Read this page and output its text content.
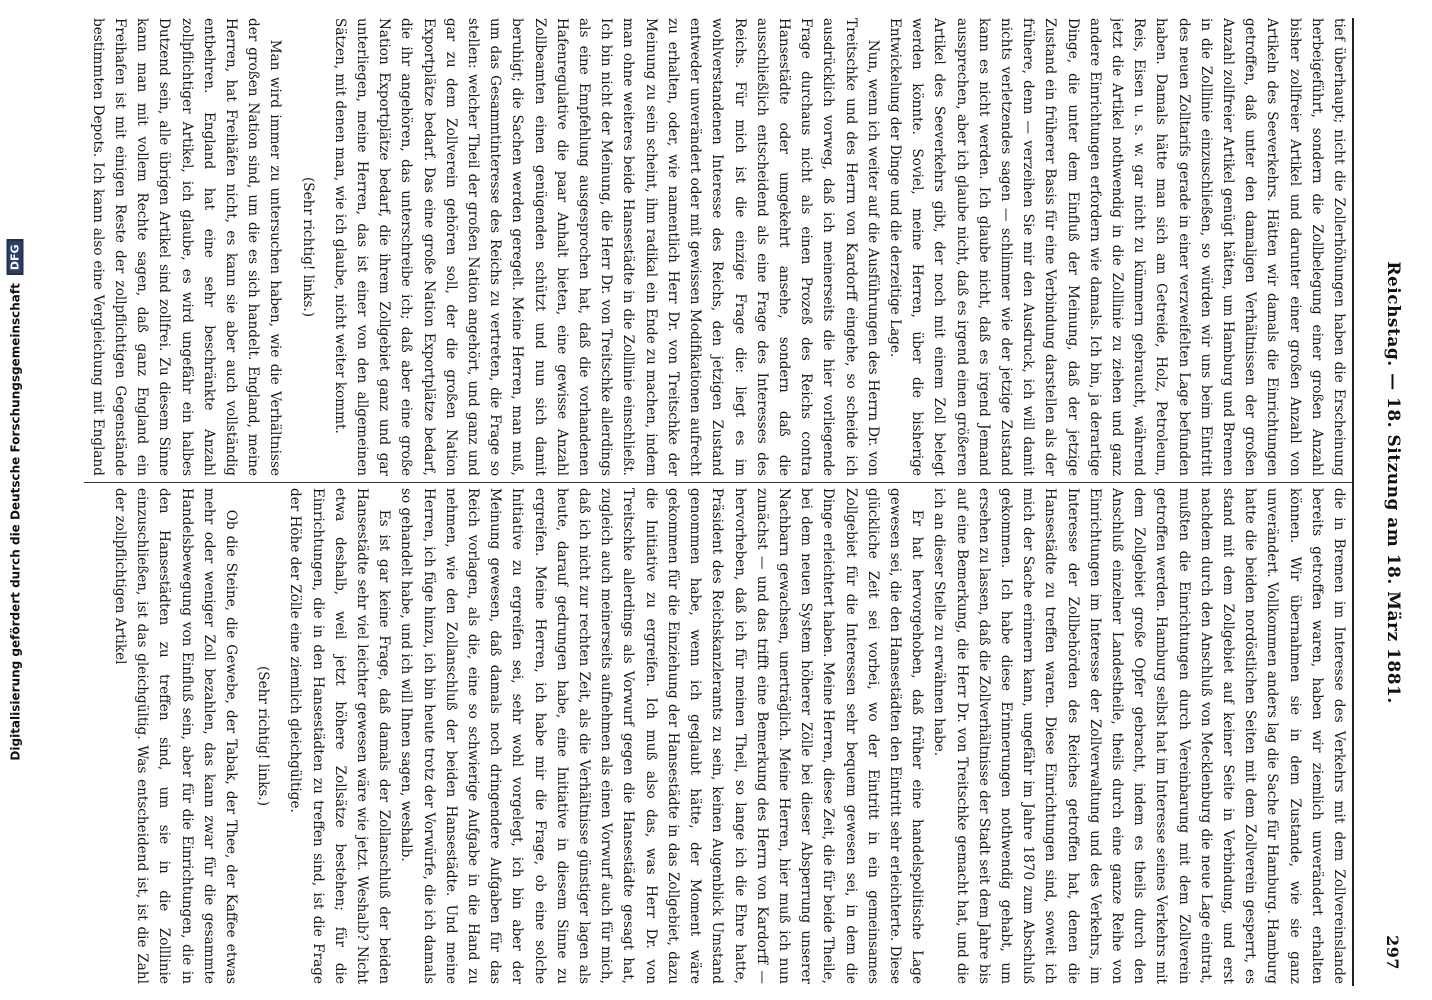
Digitalisierung gefördert durch die Deutsche Forschungsgemeinschaft
DFG

die in Bremen im Interesse des Verkehrs mit dem Zollvereinslande bereits getroffen waren, haben wir ziemlich unverändert erhalten können. Wir übernahmen sie in dem Zustande, wie sie ganz unverändert. Vollkommen anders lag die Sache für Hamburg. Hamburg hatte die beiden nordöstlichen Seiten mit dem Zollverein gesperrt, es stand mit dem Zollgebiet auf keiner Seite in Verbindung, und erst nachdem durch den Anschluß von Mecklenburg die neue Lage eintrat, mußten die Einrichtungen durch Vereinbarung mit dem Zollverein getroffen werden. Hamburg selbst hat im Interesse seines Verkehrs mit dem Zollgebiet große Opfer gebracht, indem es theils durch den Anschluß einzelner Landestheile, theils durch eine ganze Reihe von Einrichtungen im Interesse der Zollverwaltung und des Verkehrs, im Interesse der Zollbehörden des Reiches getroffen hat, denen die Hansestädte zu treffen waren. Diese Einrichtungen sind, soweit ich mich der Sache erinnern kann, ungefähr im Jahre 1870 zum Abschluß gekommen. Ich habe diese Erinnerungen nothwendig gehabt, um ersehen zu lassen, daß die Zollverhältnisse der Stadt seit dem Jahre bis auf eine Bemerkung, die Herr Dr. von Treitschke gemacht hat, und die ich an dieser Stelle zu erwähnen habe.

Er hat hervorgehoben, daß früher eine handelspolitische Lage gewesen sei, die den Hansestädten den Eintritt sehr erleichterte. Diese glückliche Zeit sei vorbei, wo der Eintritt in ein gemeinsames Zollgebiet für die Interessen sehr bequem gewesen sei, in dem die Dinge erleichtert haben. Meine Herren, diese Zeit, die für beide Theile, bei dem neuen System höherer Zölle bei dieser Absperrung unserer Nachbarn gewachsen, unerträglich. Meine Herren, hier muß ich nun zunächst — und das trifft eine Bemerkung des Herrn von Kardorff — hervorheben, daß ich für meinen Theil, so lange ich die Ehre hatte, Präsident des Reichskanzleramts zu sein, keinen Augenblick Umstand genommen habe, wenn ich geglaubt hätte, der Moment wäre gekommen für die Einziehung der Hansestädte in das Zollgebiet, dazu die Initiative zu ergreifen. Ich muß also das, was Herr Dr. von Treitschke allerdings als Vorwurf gegen die Hansestädte gesagt hat, zugleich auch meinerseits aufnehmen als einen Vorwurf auch für mich, daß ich nicht zur rechten Zeit, als die Verhältnisse günstiger lagen als heute, darauf gedrungen habe, eine Initiative in diesem Sinne zu ergreifen. Meine Herren, ich habe mir die Frage, ob eine solche Initiative zu ergreifen sei, sehr wohl vorgelegt, ich bin aber der Meinung gewesen, daß damals noch dringendere Aufgaben für das Reich vorlagen, als die, eine so schwierige Aufgabe in die Hand zu nehmen, wie den Zollanschluß der beiden Hansestädte. Und meine Herren, ich füge hinzu, ich bin heute trotz der Vorwürfe, die ich damals so gehandelt habe, und ich will Ihnen sagen, weshalb.

Es ist gar keine Frage, daß damals der Zollanschluß der beiden Hansestädte sehr viel leichter gewesen wäre wie jetzt. Weshalb? Nicht etwa deshalb, weil jetzt höhere Zollsätze bestehen; für die Einrichtungen, die in den Hansestädten zu treffen sind, ist die Frage der Höhe der Zölle eine ziemlich gleichgültige.

(Sehr richtig! links.)

Ob die Steine, die Gewebe, der Tabak, der Thee, der Kaffee etwas mehr oder weniger Zoll bezahlen, das kann zwar für die gesammte Handelsbewegung von Einfluß sein, aber für die Einrichtungen, die in den Hansestädten zu treffen sind, um sie in die Zolllinie einzuschließen, ist das gleichgültig. Was entscheidend ist, ist die Zahl der zollpflichtigen Artikel

tief überhaupt; nicht die Zollerhöhungen haben die Erscheinung herbeigeführt, sondern die Zollbelegung einer großen Anzahl bisher zollfreier Artikel und darunter einer großen Anzahl von Artikeln des Seeverkehrs. Hätten wir damals die Einrichtungen getroffen, daß unter den damaligen Verhältnissen der großen Anzahl zollfreier Artikel genügt hätten, um Hamburg und Bremen in die Zolllinie einzuschließen, so würden wir uns beim Eintritt des neuen Zolltarifs gerade in einer verzweifelten Lage befunden haben. Damals hätte man sich am Getreide, Holz, Petroleum, Reis, Eisen u. s. w. gar nicht zu kümmern gebraucht, während jetzt die Artikel nothwendig in die Zolllinie zu ziehen und ganz andere Einrichtungen erfordern wie damals. Ich bin, ja derartige Dinge, die unter dem Einfluß der Meinung, daß der jetzige Zustand ein früherer Basis für eine Verbindung darstellen als der frühere, denn — verzeihen Sie mir den Ausdruck, ich will damit nichts verletzendes sagen — schlimmer wie der jetzige Zustand kann es nicht werden. Ich glaube nicht, daß es irgend Jemand aussprechen, aber ich glaube nicht, daß es irgend einen größeren Artikel des Seeverkehrs gibt, der noch mit einem Zoll belegt werden könnte. Soviel, meine Herren, über die bisherige Entwickelung der Dinge und die derzeitige Lage.

Nun, wenn ich weiter auf die Ausführungen des Herrn Dr. von Treitschke und des Herrn von Kardorff eingehe, so scheide ich ausdrücklich vorweg, daß ich meinerseits die hier vorliegende Frage durchaus nicht als einen Prozeß des Reichs contra Hansestädte oder umgekehrt ansehe, sondern daß die ausschließlich entscheidend als eine Frage des Interesses des Reichs. Für mich ist die einzige Frage die: liegt es im wohlverstandenen Interesse des Reichs, den jetzigen Zustand entweder unverändert oder mit gewissen Modifikationen aufrecht zu erhalten, oder, wie namentlich Herr Dr. von Treitschke der Meinung zu sein scheint, ihm radikal ein Ende zu machen, indem man ohne weiteres beide Hansestädte in die Zolllinie einschließt. Ich bin nicht der Meinung, die Herr Dr. von Treitschke allerdings als eine Empfehlung ausgesprochen hat, daß die vorhandenen Hafenregulative die paar Anhalt bieten, eine gewisse Anzahl Zollbeamten einen genügenden schützt und nun sich damit beruhigt; die Sachen werden geregelt. Meine Herren, man muß, um das Gesammtinteresse des Reichs zu vertreten, die Frage so stellen: welcher Theil der großen Nation angehört, und ganz und gar zu dem Zollverein gehören soll, der die großen Nation Exportplätze bedarf. Das eine große Nation Exportplätze bedarf, die ihr angehören, das unterschreibe ich; daß aber eine große Nation Exportplätze bedarf, die ihrem Zollgebiet ganz und gar unterliegen, meine Herren, das ist einer von den allgemeinen Sätzen, mit denen man, wie ich glaube, nicht weiter kommt.

(Sehr richtig! links.)

Man wird immer zu untersuchen haben, wie die Verhältnisse der großen Nation sind, um die es sich handelt. England, meine Herren, hat Freihäfen nicht, es kann sie aber auch vollständig entbehren. England hat eine sehr beschränkte Anzahl zollpflichtiger Artikel, ich glaube, es wird ungefähr ein halbes Dutzend sein, alle übrigen Artikel sind zollfrei. Zu diesem Sinne kann man mit vollem Rechte sagen, daß ganz England ein Freihafen ist mit einigen Reste der zollpflichtigen Gegenstände bestimmten Depots. Ich kann also eine Vergleichung mit England	Reichstag. — 18. Sitzung am 18. März 1881.
297
